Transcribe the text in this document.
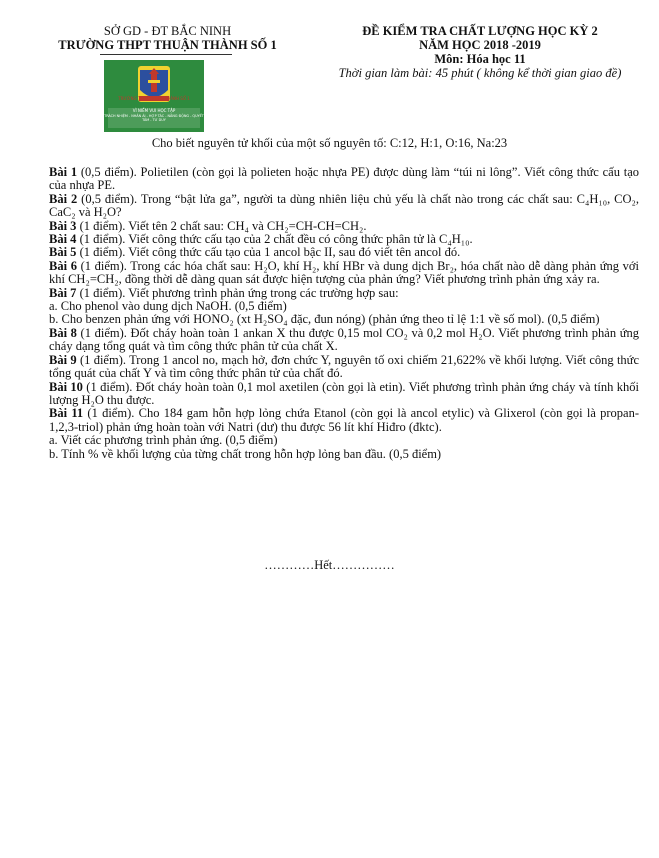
SỞ GD - ĐT BẮC NINH
TRƯỜNG THPT THUẬN THÀNH SỐ 1
ĐỀ KIỂM TRA CHẤT LƯỢNG HỌC KỲ 2
NĂM HỌC 2018 -2019
Môn: Hóa học 11
Thời gian làm bài: 45 phút ( không kể thời gian giao đề)
TRƯỜNG THPT THUẬN THÀNH SỐ 1
VÌ NIỀM VUI HỌC TẬP
TRÁCH NHIỆM - NHÂN ÁI - HỢP TÁC - NĂNG ĐỘNG - QUYẾT TÂM - TƯ DUY
Cho biết nguyên tử khối của một số nguyên tố: C:12, H:1, O:16, Na:23

Bài 1 (0,5 điểm). Polietilen (còn gọi là polieten hoặc nhựa PE) được dùng làm “túi ni lông”. Viết công thức cấu tạo của nhựa PE.

Bài 2 (0,5 điểm). Trong “bật lửa ga”, người ta dùng nhiên liệu chủ yếu là chất nào trong các chất sau: C₄H₁₀, CO₂, CaC₂ và H₂O?

Bài 3 (1 điểm). Viết tên 2 chất sau: CH₄ và CH₂=CH-CH=CH₂.

Bài 4 (1 điểm). Viết công thức cấu tạo của 2 chất đều có công thức phân tử là C₄H₁₀.

Bài 5 (1 điểm). Viết công thức cấu tạo của 1 ancol bậc II, sau đó viết tên ancol đó.

Bài 6 (1 điểm). Trong các hóa chất sau: H₂O, khí H₂, khí HBr và dung dịch Br₂, hóa chất nào dễ dàng phản ứng với khí CH₂=CH₂, đồng thời dễ dàng quan sát được hiện tượng của phản ứng? Viết phương trình phản ứng xảy ra.

Bài 7 (1 điểm). Viết phương trình phản ứng trong các trường hợp sau:

a. Cho phenol vào dung dịch NaOH. (0,5 điểm)

b. Cho benzen phản ứng với HONO₂ (xt H₂SO₄ đặc, đun nóng) (phản ứng theo tỉ lệ 1:1 về số mol). (0,5 điểm)

Bài 8 (1 điểm). Đốt cháy hoàn toàn 1 ankan X thu được 0,15 mol CO₂ và 0,2 mol H₂O. Viết phương trình phản ứng cháy dạng tổng quát và tìm công thức phân tử của chất X.

Bài 9 (1 điểm). Trong 1 ancol no, mạch hở, đơn chức Y, nguyên tố oxi chiếm 21,622% về khối lượng. Viết công thức tổng quát của chất Y và tìm công thức phân tử của chất đó.

Bài 10 (1 điểm). Đốt cháy hoàn toàn 0,1 mol axetilen (còn gọi là etin). Viết phương trình phản ứng cháy và tính khối lượng H₂O thu được.

Bài 11 (1 điểm). Cho 184 gam hỗn hợp lỏng chứa Etanol (còn gọi là ancol etylic) và Glixerol (còn gọi là propan-1,2,3-triol) phản ứng hoàn toàn với Natri (dư) thu được 56 lít khí Hiđro (đktc).

a. Viết các phương trình phản ứng. (0,5 điểm)

b. Tính % về khối lượng của từng chất trong hỗn hợp lỏng ban đầu. (0,5 điểm)

…………Hết……………
